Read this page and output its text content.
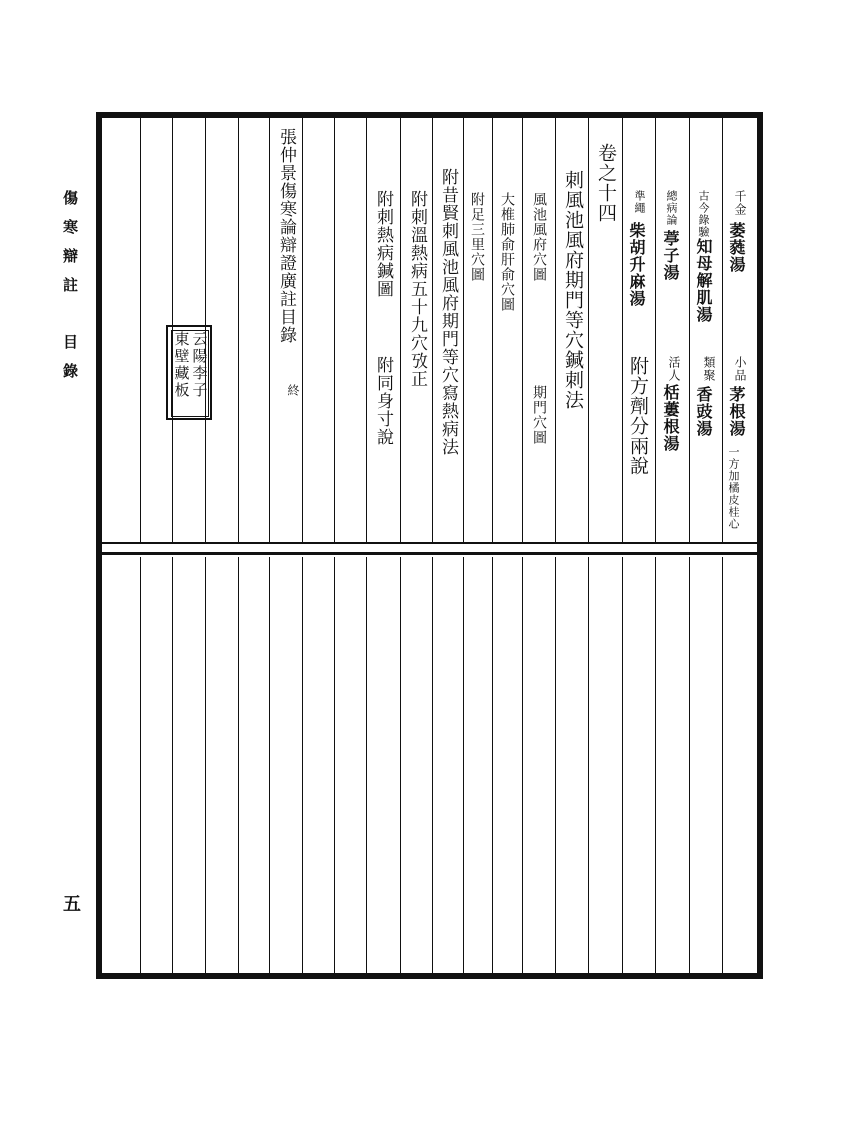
傷寒辯註目錄
五
千金
萎蕤湯
小品
茅根湯
一方加橘皮桂心
古今錄驗
知母解肌湯
類聚
香豉湯
總病論
葶子湯
活人
栝蔞根湯
準繩
柴胡升麻湯
附方劑分兩說
卷之十四
刺風池風府期門等穴鍼刺法
風池風府穴圖
期門穴圖
大椎肺俞肝俞穴圖
附足三里穴圖
附昔賢刺風池風府期門等穴寫熱病法
附刺溫熱病五十九穴攷正
附刺熱病鍼圖
附同身寸說
張仲景傷寒論辯證廣註目錄
終
云陽李子
東壁藏板
